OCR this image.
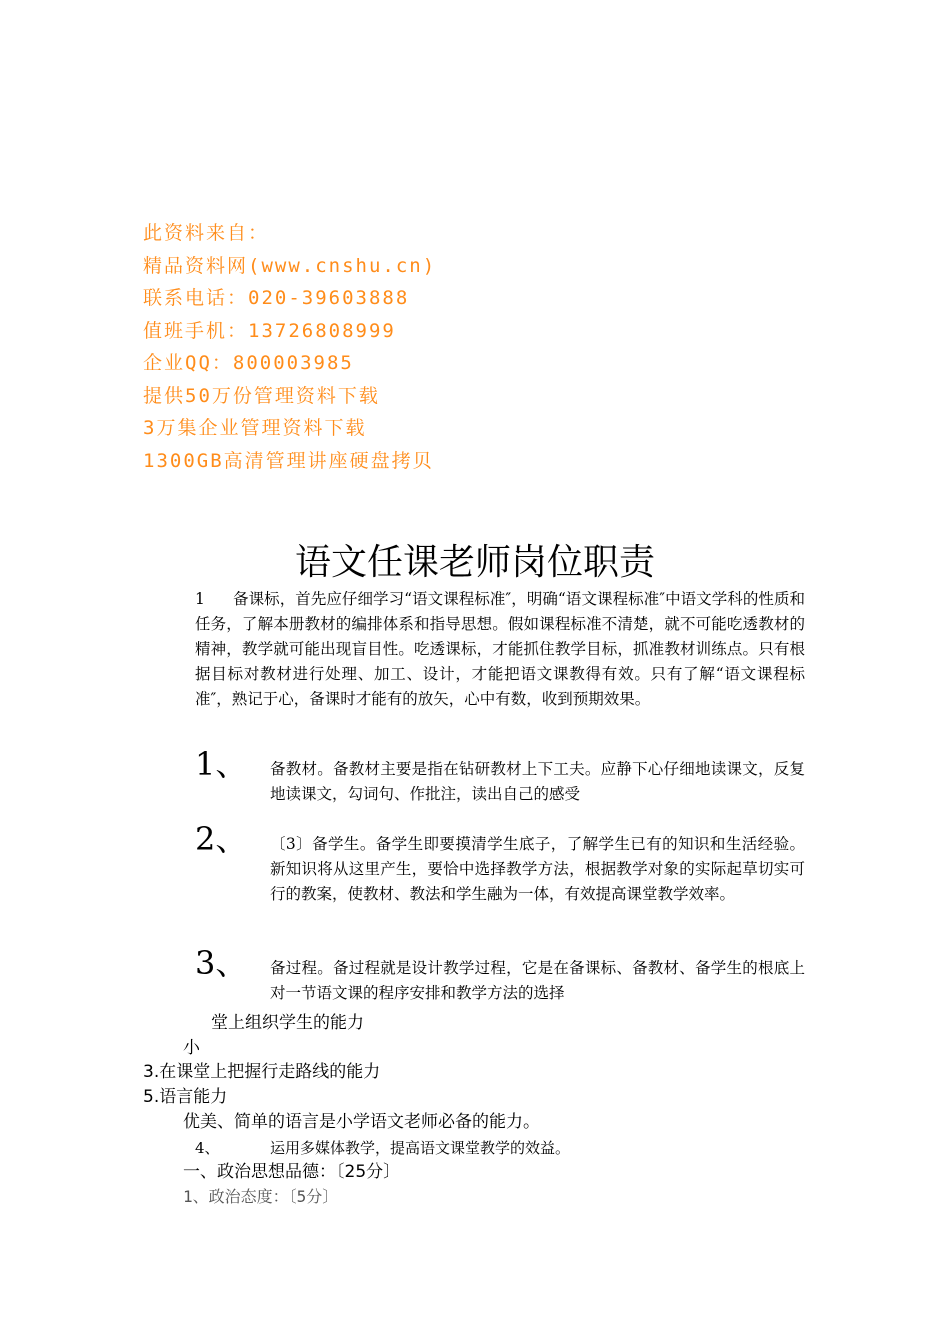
此资料来自：
精品资料网(www.cnshu.cn)
联系电话：020-39603888
值班手机：13726808999
企业QQ：800003985
提供50万份管理资料下载
3万集企业管理资料下载
1300GB高清管理讲座硬盘拷贝
语文任课老师岗位职责
1 备课标，首先应仔细学习“语文课程标准″，明确“语文课程标准″中语文学科的性质和任务，了解本册教材的编排体系和指导思想。假如课程标准不清楚，就不可能吃透教材的精神，教学就可能出现盲目性。吃透课标，才能抓住教学目标，抓准教材训练点。只有根据目标对教材进行处理、加工、设计，才能把语文课教得有效。只有了解“语文课程标准″，熟记于心，备课时才能有的放矢，心中有数，收到预期效果。
1、 备教材。备教材主要是指在钻研教材上下工夫。应静下心仔细地读课文，反复地读课文，勾词句、作批注，读出自己的感受
2、 〔3〕备学生。备学生即要摸清学生底子，了解学生已有的知识和生活经验。新知识将从这里产生，要恰中选择教学方法，根据教学对象的实际起草切实可行的教案，使教材、教法和学生融为一体，有效提高课堂教学效率。
3、 备过程。备过程就是设计教学过程，它是在备课标、备教材、备学生的根底上对一节语文课的程序安排和教学方法的选择
堂上组织学生的能力
小
3.在课堂上把握行走路线的能力
5.语言能力
优美、简单的语言是小学语文老师必备的能力。
4、	运用多媒体教学，提高语文课堂教学的效益。
一、政治思想品德：〔25分〕
1、政治态度：〔5分〕
